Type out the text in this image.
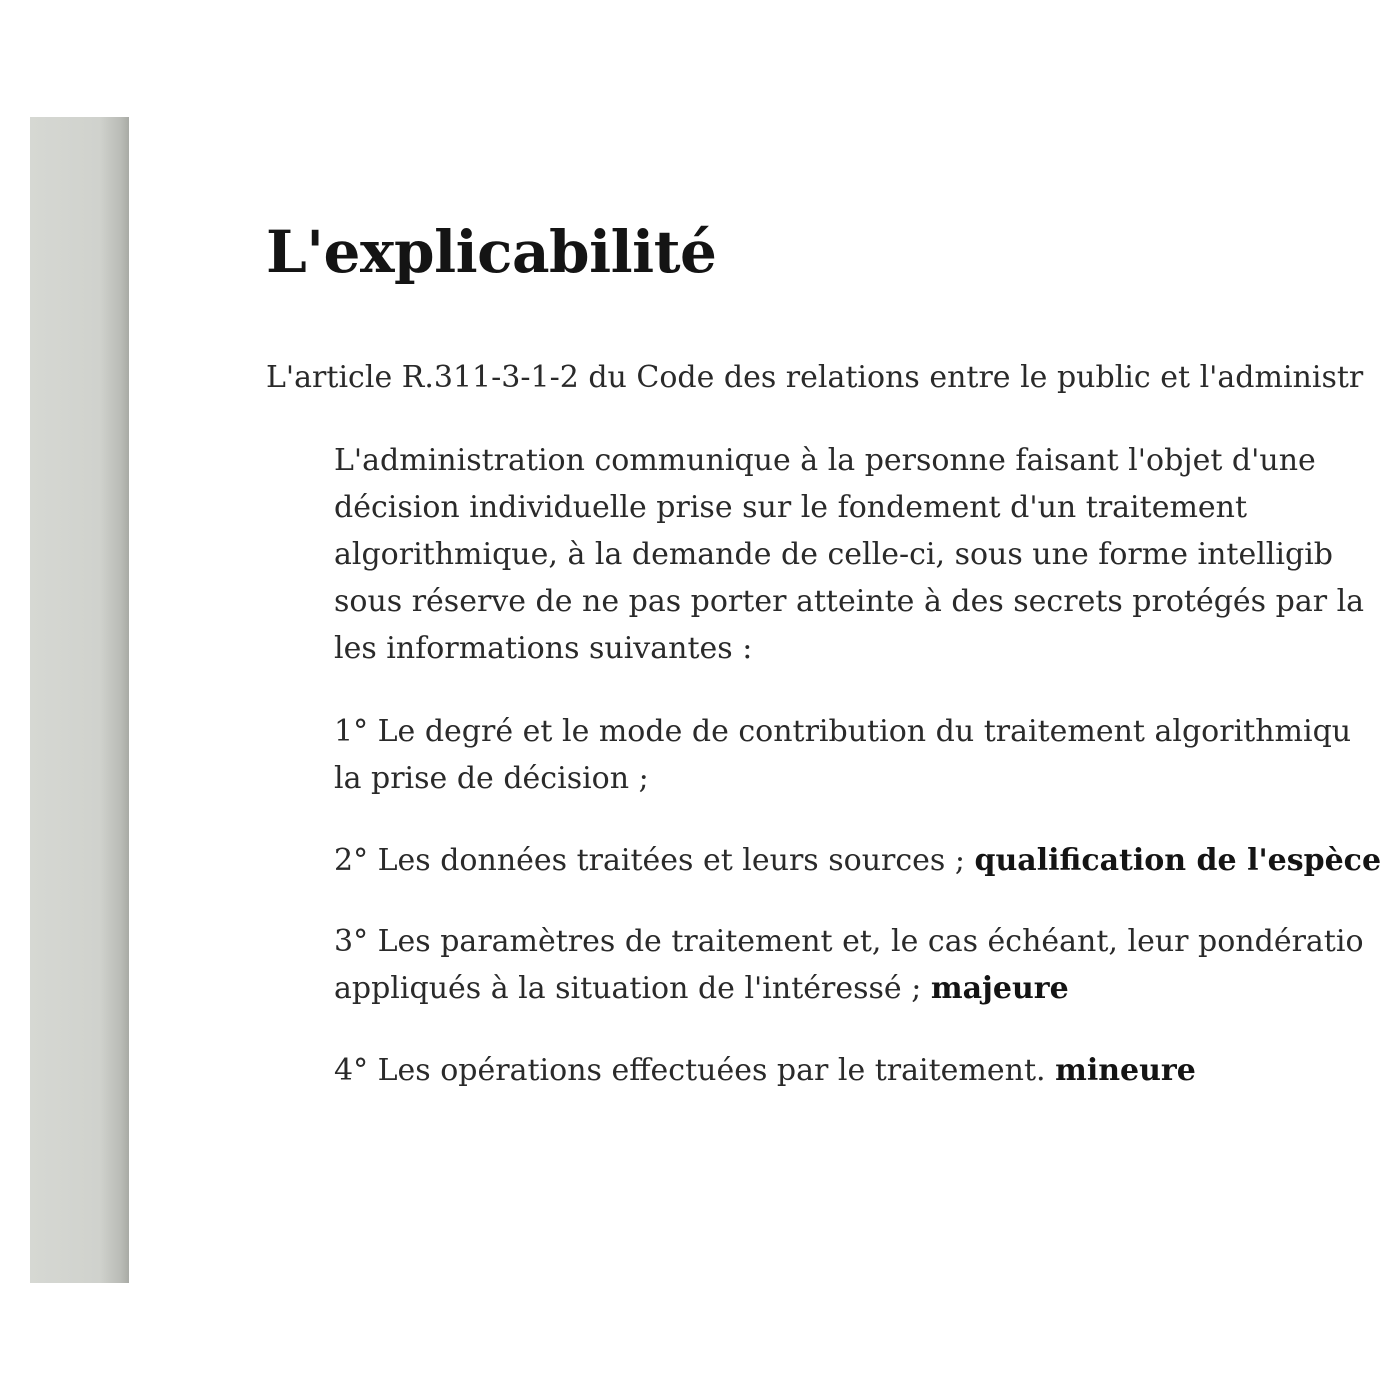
L'explicabilité

L'article R.311-3-1-2 du Code des relations entre le public et l'administr

L'administration communique à la personne faisant l'objet d'une
décision individuelle prise sur le fondement d'un traitement
algorithmique, à la demande de celle-ci, sous une forme intelligib
sous réserve de ne pas porter atteinte à des secrets protégés par la
les informations suivantes :

1° Le degré et le mode de contribution du traitement algorithmiqu
la prise de décision ;

2° Les données traitées et leurs sources ; qualification de l'espèce

3° Les paramètres de traitement et, le cas échéant, leur pondératio
appliqués à la situation de l'intéressé ; majeure

4° Les opérations effectuées par le traitement. mineure
